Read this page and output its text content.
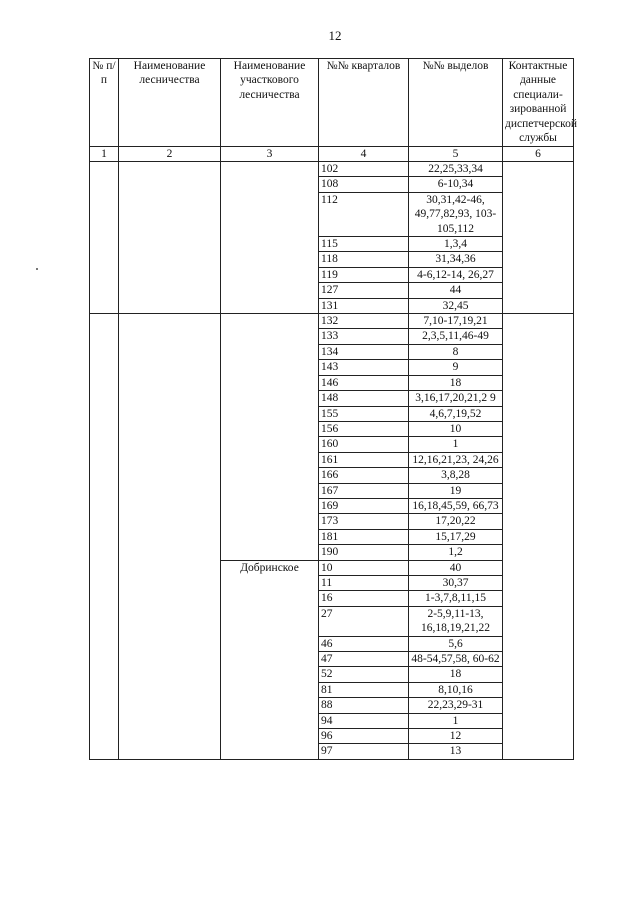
12
№ п/п	Наименование лесничества	Наименование участкового лесничества	№№ кварталов	№№ выделов	Контактные данные специали-зированной диспетчерской службы
1	2	3	4	5	6
			102	22,25,33,34	
			108	6-10,34	
			112	30,31,42-46, 49,77,82,93, 103-105,112	
			115	1,3,4	
			118	31,34,36	
			119	4-6,12-14, 26,27	
			127	44	
			131	32,45	
			132	7,10-17,19,21	
			133	2,3,5,11,46-49	
			134	8	
			143	9	
			146	18	
			148	3,16,17,20,21,2 9	
			155	4,6,7,19,52	
			156	10	
			160	1	
			161	12,16,21,23, 24,26	
			166	3,8,28	
			167	19	
			169	16,18,45,59, 66,73	
			173	17,20,22	
			181	15,17,29	
			190	1,2	
		Добринское	10	40	
			11	30,37	
			16	1-3,7,8,11,15	
			27	2-5,9,11-13, 16,18,19,21,22	
			46	5,6	
			47	48-54,57,58, 60-62	
			52	18	
			81	8,10,16	
			88	22,23,29-31	
			94	1	
			96	12	
			97	13	
